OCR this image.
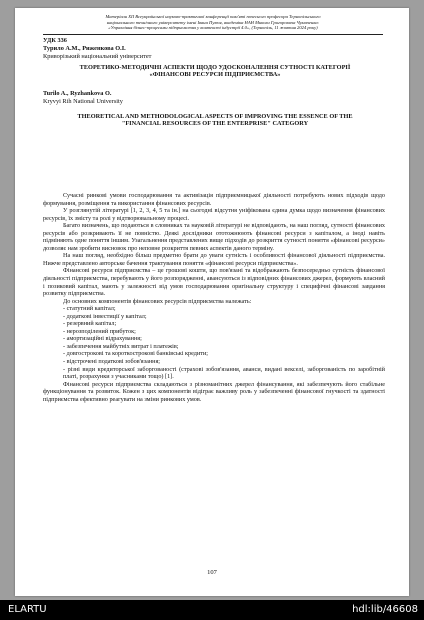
Матеріали XII Всеукраїнської науково-практичної конференції пам'яті почесного професора Тернопільського
національного технічного університету імені Івана Пулюя, академіка НАН Миколи Григоровича Чумаченка:
«Управління бізнес-процесами підприємства у контексті індустрії 4.0», (Тернопіль, 11 жовтня 2024 року)
УДК 336
Турило А.М., Риженкова О.І.
Криворізький національний університет
ТЕОРЕТИКО-МЕТОДИЧНІ АСПЕКТИ ЩОДО УДОСКОНАЛЕННЯ СУТНОСТІ КАТЕГОРІЇ «ФІНАНСОВІ РЕСУРСИ ПІДПРИЄМСТВА»
Turilo A., Ryzhankova O.
Kryvyi Rih National University
THEORETICAL AND METHODOLOGICAL ASPECTS OF IMPROVING THE ESSENCE OF THE "FINANCIAL RESOURCES OF THE ENTERPRISE" CATEGORY

Сучасні ринкові умови господарювання та активізація підприємницької діяльності потребують нових підходів щодо формування, розміщення та використання фінансових ресурсів.

У розглянутій літературі [1, 2, 3, 4, 5 та ін.] на сьогодні відсутня уніфікована єдина думка щодо визначення фінансових ресурсів, їх змісту та ролі у відтворювальному процесі.

Багато визначень, що подаються в словниках та науковій літературі не відповідають, на наш погляд, сутності фінансових ресурсів або розкривають її не повністю. Деякі дослідники ототожнюють фінансові ресурси з капіталом, а іноді навіть підміняють одне поняття іншим. Узагальнення представлених вище підходів до розкриття сутності поняття «фінансові ресурси» дозволяє нам зробити висновок про неповне розкриття певних аспектів даного терміну.

На наш погляд, необхідно більш предметно брати до уваги сутність і особливості фінансової діяльності підприємства. Нижче представлено авторське бачення трактування поняття «фінансові ресурси підприємства».

Фінансові ресурси підприємства – це грошові кошти, що пов'язані та відображають безпосередньо сутність фінансової діяльності підприємства, перебувають у його розпорядженні, авансуються із відповідних фінансових джерел, формують власний і позиковий капітал, мають у залежності від умов господарювання оригінальну структуру і специфічні фінансові завдання розвитку підприємства.

До основних компонентів фінансових ресурсів підприємства належать:

- статутний капітал;

- додаткові інвестиції у капітал;

- резервний капітал;

- нерозподілений прибуток;

- амортизаційні відрахування;

- забезпечення майбутніх витрат і платежів;

- довгострокові та короткострокові банківські кредити;

- відстрочені податкові зобов'язання;

- різні види кредиторської заборгованості (страхові зобов'язання, аванси, видані векселі, заборгованість по заробітній платі, розрахунки з учасниками тощо) [1].

Фінансові ресурси підприємства складаються з різноманітних джерел фінансування, які забезпечують його стабільне функціонування та розвиток. Кожен з цих компонентів відіграє важливу роль у забезпеченні фінансової гнучкості та здатності підприємства ефективно реагувати на зміни ринкових умов.

107
ELARTU	hdl:lib/46608
